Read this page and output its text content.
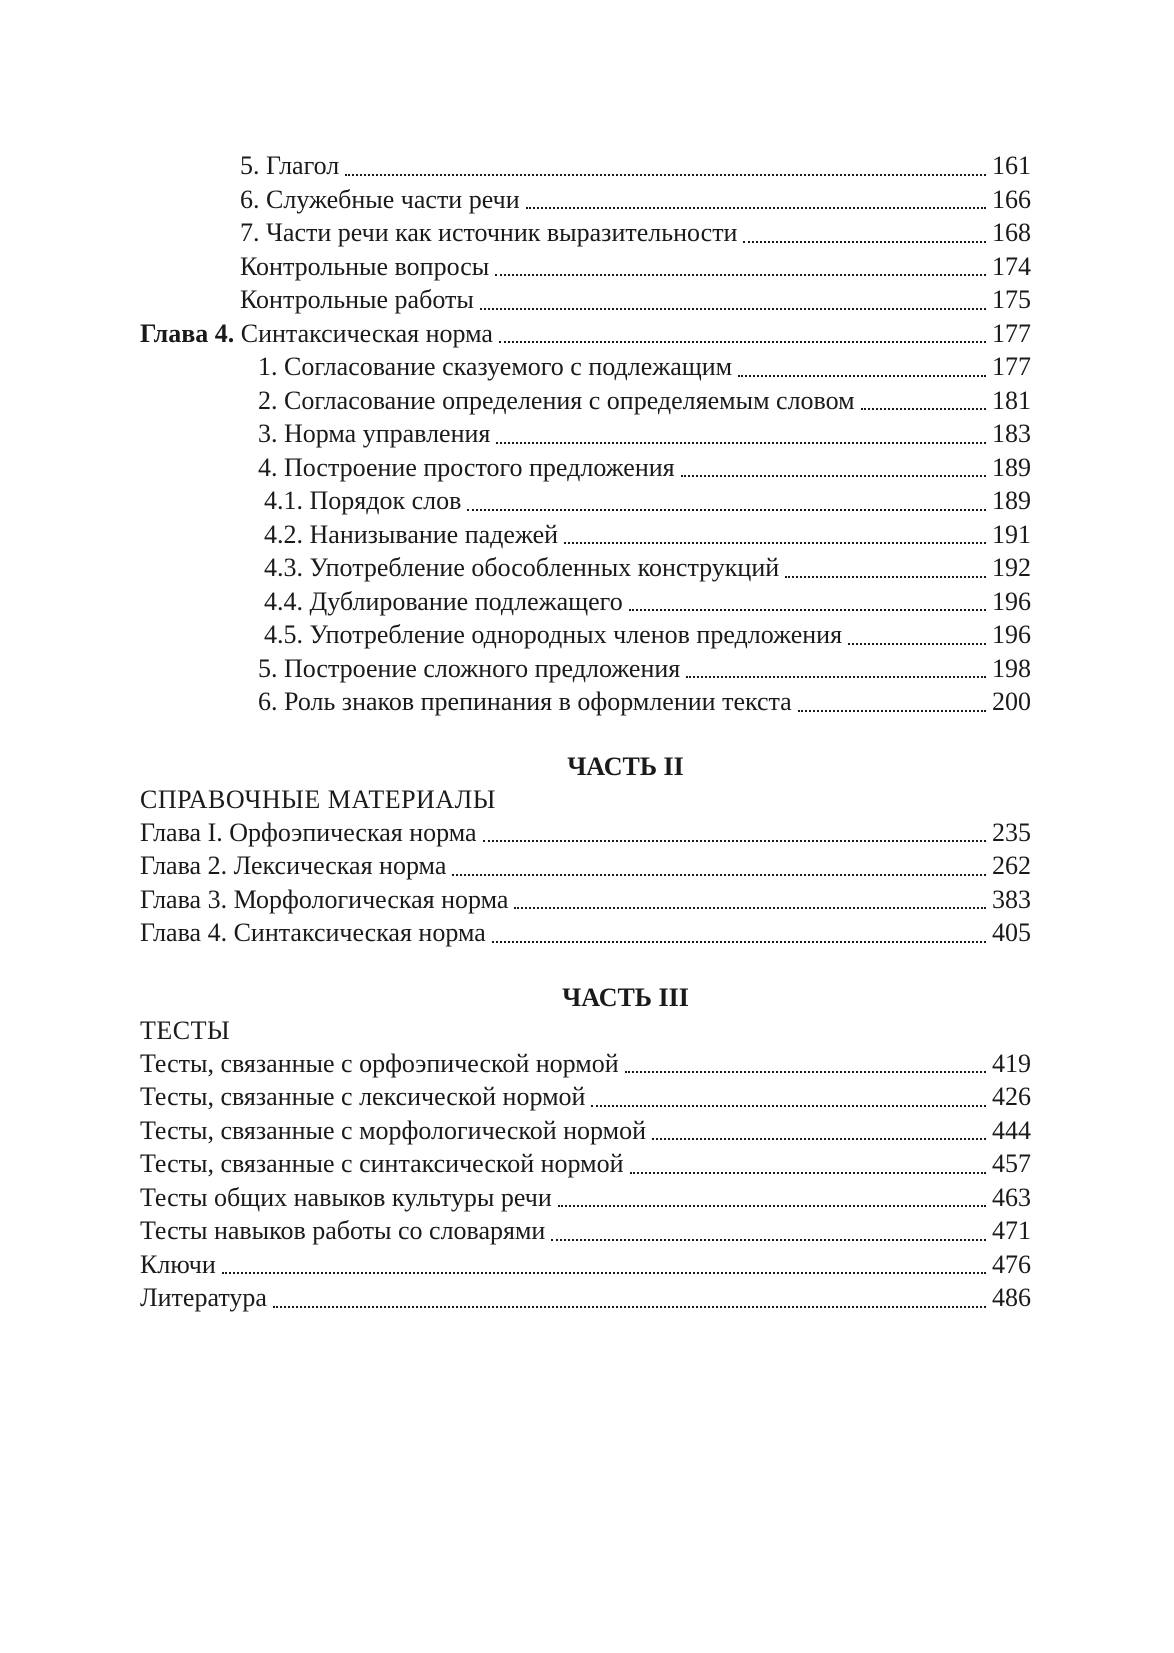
5. Глагол	161
6. Служебные части речи	166
7. Части речи как источник выразительности	168
Контрольные вопросы	174
Контрольные работы	175
Глава 4. Синтаксическая норма	177
1. Согласование сказуемого с подлежащим	177
2. Согласование определения с определяемым словом	181
3. Норма управления	183
4. Построение простого предложения	189
4.1. Порядок слов	189
4.2. Нанизывание падежей	191
4.3. Употребление обособленных конструкций	192
4.4. Дублирование подлежащего	196
4.5. Употребление однородных членов предложения	196
5. Построение сложного предложения	198
6. Роль знаков препинания в оформлении текста	200
ЧАСТЬ II
СПРАВОЧНЫЕ МАТЕРИАЛЫ
Глава I. Орфоэпическая норма	235
Глава 2. Лексическая норма	262
Глава 3. Морфологическая норма	383
Глава 4. Синтаксическая норма	405
ЧАСТЬ III
ТЕСТЫ
Тесты, связанные с орфоэпической нормой	419
Тесты, связанные с лексической нормой	426
Тесты, связанные с морфологической нормой	444
Тесты, связанные с синтаксической нормой	457
Тесты общих навыков культуры речи	463
Тесты навыков работы со словарями	471
Ключи	476
Литература	486
